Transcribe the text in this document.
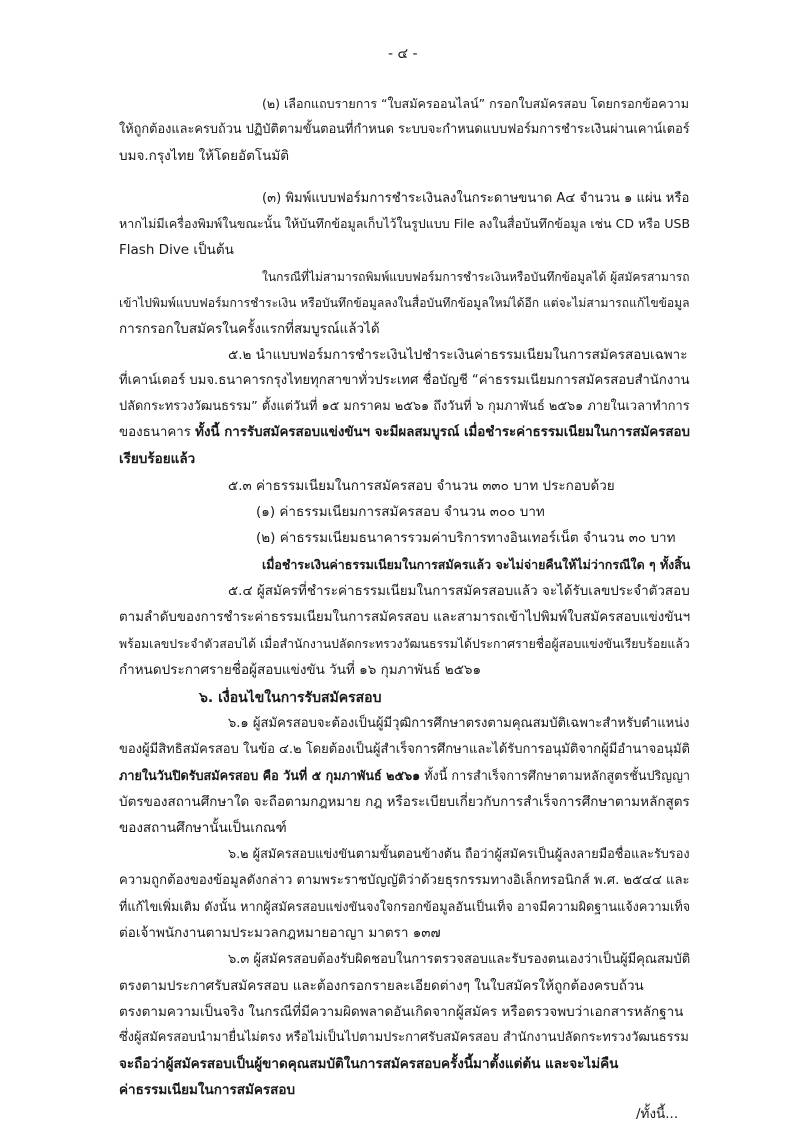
- ๔ -
(๒) เลือกแถบรายการ “ใบสมัครออนไลน์” กรอกใบสมัครสอบ โดยกรอกข้อความ
ให้ถูกต้องและครบถ้วน ปฏิบัติตามขั้นตอนที่กำหนด ระบบจะกำหนดแบบฟอร์มการชำระเงินผ่านเคาน์เตอร์
บมจ.กรุงไทย ให้โดยอัตโนมัติ
(๓) พิมพ์แบบฟอร์มการชำระเงินลงในกระดาษขนาด A๔ จำนวน ๑ แผ่น หรือ
หากไม่มีเครื่องพิมพ์ในขณะนั้น ให้บันทึกข้อมูลเก็บไว้ในรูปแบบ File ลงในสื่อบันทึกข้อมูล เช่น CD หรือ USB
Flash Dive เป็นต้น
ในกรณีที่ไม่สามารถพิมพ์แบบฟอร์มการชำระเงินหรือบันทึกข้อมูลได้ ผู้สมัครสามารถ
เข้าไปพิมพ์แบบฟอร์มการชำระเงิน หรือบันทึกข้อมูลลงในสื่อบันทึกข้อมูลใหม่ได้อีก แต่จะไม่สามารถแก้ไขข้อมูล
การกรอกใบสมัครในครั้งแรกที่สมบูรณ์แล้วได้
๕.๒ นำแบบฟอร์มการชำระเงินไปชำระเงินค่าธรรมเนียมในการสมัครสอบเฉพาะ
ที่เคาน์เตอร์ บมจ.ธนาคารกรุงไทยทุกสาขาทั่วประเทศ ชื่อบัญชี “ค่าธรรมเนียมการสมัครสอบสำนักงาน
ปลัดกระทรวงวัฒนธรรม” ตั้งแต่วันที่ ๑๕ มกราคม ๒๕๖๑ ถึงวันที่ ๖ กุมภาพันธ์ ๒๕๖๑ ภายในเวลาทำการ
ของธนาคาร ทั้งนี้ การรับสมัครสอบแข่งขันฯ จะมีผลสมบูรณ์ เมื่อชำระค่าธรรมเนียมในการสมัครสอบ
เรียบร้อยแล้ว
๕.๓ ค่าธรรมเนียมในการสมัครสอบ จำนวน ๓๓๐ บาท ประกอบด้วย
(๑) ค่าธรรมเนียมการสมัครสอบ จำนวน ๓๐๐ บาท
(๒) ค่าธรรมเนียมธนาคารรวมค่าบริการทางอินเทอร์เน็ต จำนวน ๓๐ บาท
เมื่อชำระเงินค่าธรรมเนียมในการสมัครแล้ว จะไม่จ่ายคืนให้ไม่ว่ากรณีใด ๆ ทั้งสิ้น
๕.๔ ผู้สมัครที่ชำระค่าธรรมเนียมในการสมัครสอบแล้ว จะได้รับเลขประจำตัวสอบ
ตามลำดับของการชำระค่าธรรมเนียมในการสมัครสอบ และสามารถเข้าไปพิมพ์ใบสมัครสอบแข่งขันฯ
พร้อมเลขประจำตัวสอบได้ เมื่อสำนักงานปลัดกระทรวงวัฒนธรรมได้ประกาศรายชื่อผู้สอบแข่งขันเรียบร้อยแล้ว
กำหนดประกาศรายชื่อผู้สอบแข่งขัน วันที่ ๑๖ กุมภาพันธ์ ๒๕๖๑
๖. เงื่อนไขในการรับสมัครสอบ
๖.๑ ผู้สมัครสอบจะต้องเป็นผู้มีวุฒิการศึกษาตรงตามคุณสมบัติเฉพาะสำหรับตำแหน่ง
ของผู้มีสิทธิสมัครสอบ ในข้อ ๔.๒ โดยต้องเป็นผู้สำเร็จการศึกษาและได้รับการอนุมัติจากผู้มีอำนาจอนุมัติ
ภายในวันปิดรับสมัครสอบ คือ วันที่ ๕ กุมภาพันธ์ ๒๕๖๑ ทั้งนี้ การสำเร็จการศึกษาตามหลักสูตรชั้นปริญญา
บัตรของสถานศึกษาใด จะถือตามกฎหมาย กฎ หรือระเบียบเกี่ยวกับการสำเร็จการศึกษาตามหลักสูตร
ของสถานศึกษานั้นเป็นเกณฑ์
๖.๒ ผู้สมัครสอบแข่งขันตามขั้นตอนข้างต้น ถือว่าผู้สมัครเป็นผู้ลงลายมือชื่อและรับรอง
ความถูกต้องของข้อมูลดังกล่าว ตามพระราชบัญญัติว่าด้วยธุรกรรมทางอิเล็กทรอนิกส์ พ.ศ. ๒๕๔๔ และ
ที่แก้ไขเพิ่มเติม ดังนั้น หากผู้สมัครสอบแข่งขันจงใจกรอกข้อมูลอันเป็นเท็จ อาจมีความผิดฐานแจ้งความเท็จ
ต่อเจ้าพนักงานตามประมวลกฎหมายอาญา มาตรา ๑๓๗
๖.๓ ผู้สมัครสอบต้องรับผิดชอบในการตรวจสอบและรับรองตนเองว่าเป็นผู้มีคุณสมบัติ
ตรงตามประกาศรับสมัครสอบ และต้องกรอกรายละเอียดต่างๆ ในใบสมัครให้ถูกต้องครบถ้วน
ตรงตามความเป็นจริง ในกรณีที่มีความผิดพลาดอันเกิดจากผู้สมัคร หรือตรวจพบว่าเอกสารหลักฐาน
ซึ่งผู้สมัครสอบนำมายื่นไม่ตรง หรือไม่เป็นไปตามประกาศรับสมัครสอบ สำนักงานปลัดกระทรวงวัฒนธรรม
จะถือว่าผู้สมัครสอบเป็นผู้ขาดคุณสมบัติในการสมัครสอบครั้งนี้มาตั้งแต่ต้น และจะไม่คืน
ค่าธรรมเนียมในการสมัครสอบ
/ทั้งนี้...
